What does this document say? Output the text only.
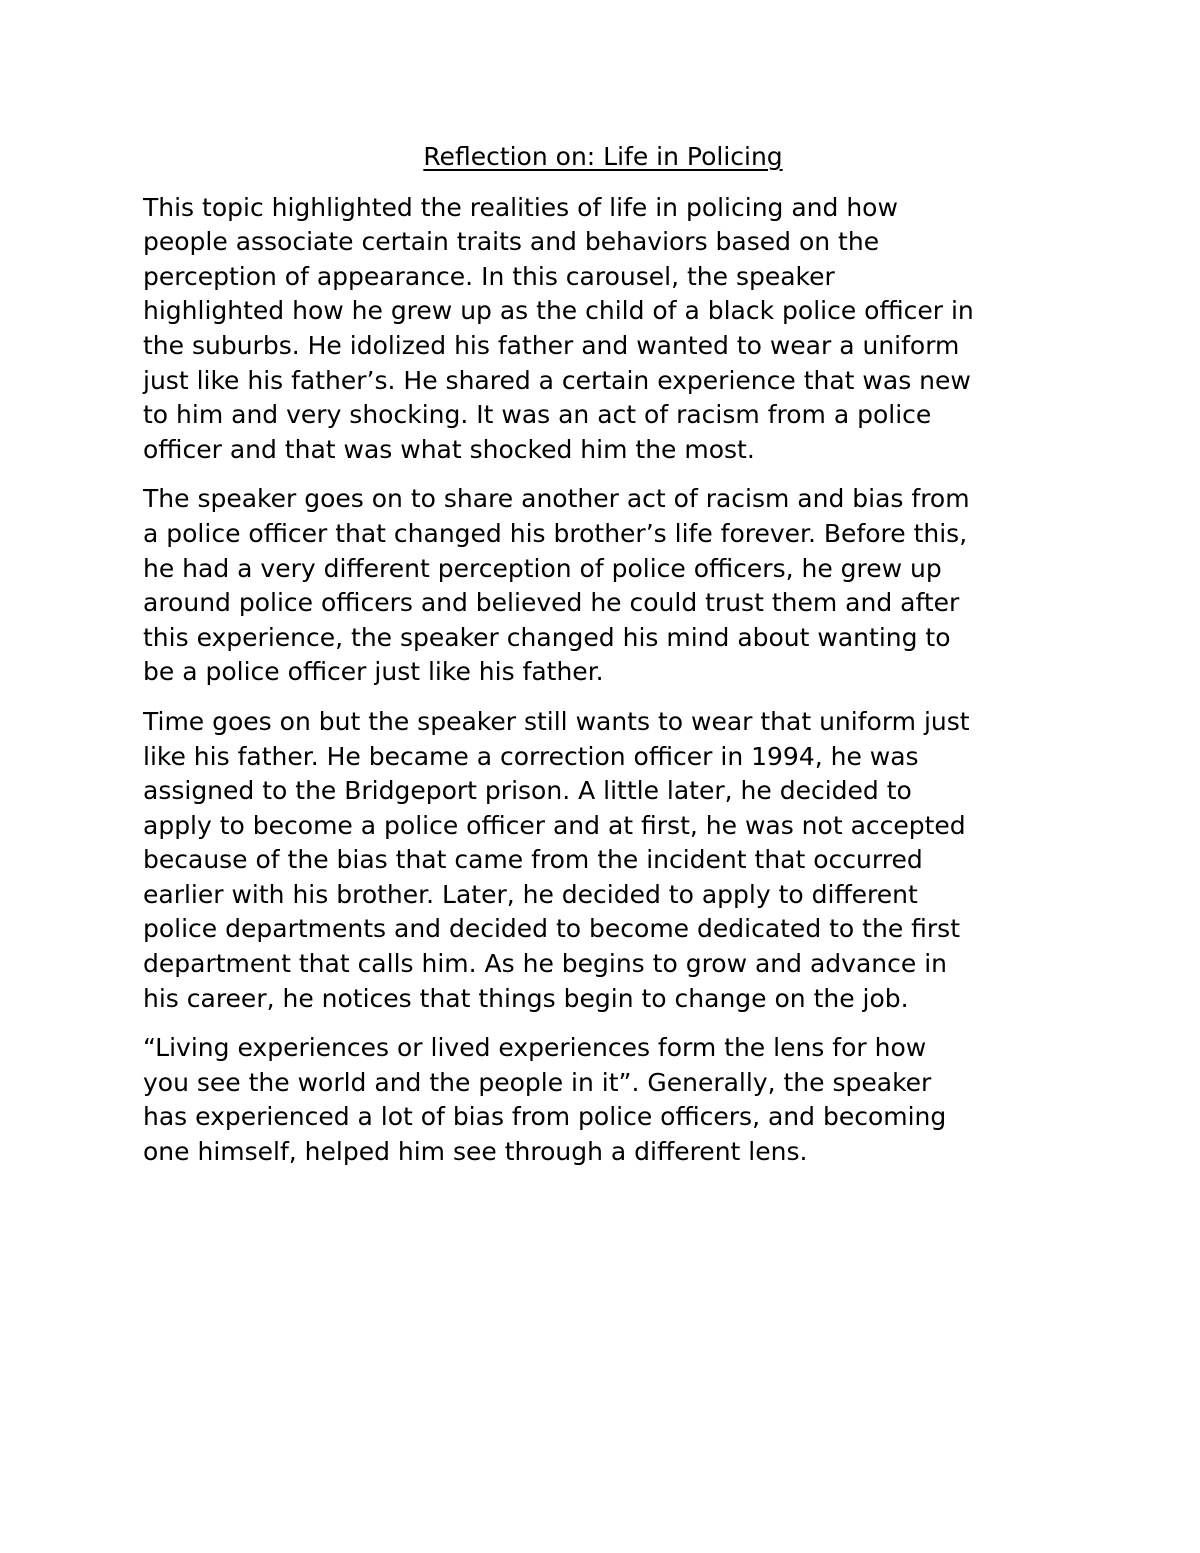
Reflection on: Life in Policing

This topic highlighted the realities of life in policing and how
people associate certain traits and behaviors based on the
perception of appearance. In this carousel, the speaker
highlighted how he grew up as the child of a black police officer in
the suburbs. He idolized his father and wanted to wear a uniform
just like his father’s. He shared a certain experience that was new
to him and very shocking. It was an act of racism from a police
officer and that was what shocked him the most.

The speaker goes on to share another act of racism and bias from
a police officer that changed his brother’s life forever. Before this,
he had a very different perception of police officers, he grew up
around police officers and believed he could trust them and after
this experience, the speaker changed his mind about wanting to
be a police officer just like his father.

Time goes on but the speaker still wants to wear that uniform just
like his father. He became a correction officer in 1994, he was
assigned to the Bridgeport prison. A little later, he decided to
apply to become a police officer and at first, he was not accepted
because of the bias that came from the incident that occurred
earlier with his brother. Later, he decided to apply to different
police departments and decided to become dedicated to the first
department that calls him. As he begins to grow and advance in
his career, he notices that things begin to change on the job.

“Living experiences or lived experiences form the lens for how
you see the world and the people in it”. Generally, the speaker
has experienced a lot of bias from police officers, and becoming
one himself, helped him see through a different lens.
